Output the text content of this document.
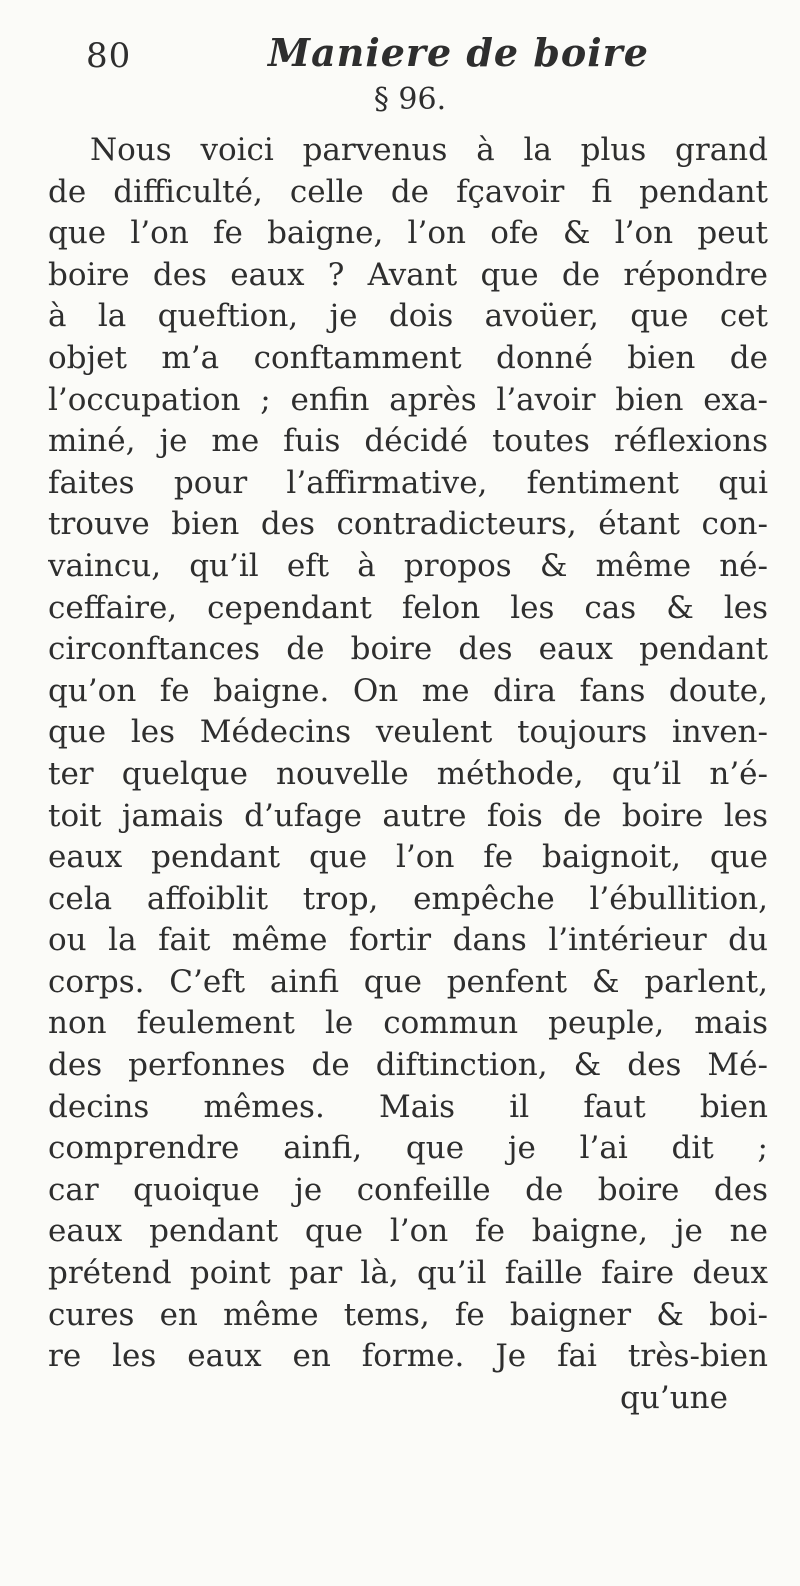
80	Maniere de boire
§ 96.
Nous voici parvenus à la plus grand
de difficulté, celle de fçavoir fi pendant
que l’on fe baigne, l’on ofe & l’on peut
boire des eaux ? Avant que de répondre
à la queftion, je dois avoüer, que cet
objet m’a conftamment donné bien de
l’occupation ; enfin après l’avoir bien exa-
miné, je me fuis décidé toutes réflexions
faites pour l’affirmative, fentiment qui
trouve bien des contradicteurs, étant con-
vaincu, qu’il eft à propos & même né-
ceffaire, cependant felon les cas & les
circonftances de boire des eaux pendant
qu’on fe baigne. On me dira fans doute,
que les Médecins veulent toujours inven-
ter quelque nouvelle méthode, qu’il n’é-
toit jamais d’ufage autre fois de boire les
eaux pendant que l’on fe baignoit, que
cela affoiblit trop, empêche l’ébullition,
ou la fait même fortir dans l’intérieur du
corps. C’eft ainfi que penfent & parlent,
non feulement le commun peuple, mais
des perfonnes de diftinction, & des Mé-
decins mêmes. Mais il faut bien
comprendre ainfi, que je l’ai dit ;
car quoique je confeille de boire des
eaux pendant que l’on fe baigne, je ne
prétend point par là, qu’il faille faire deux
cures en même tems, fe baigner & boi-
re les eaux en forme. Je fai très-bien
qu’une
